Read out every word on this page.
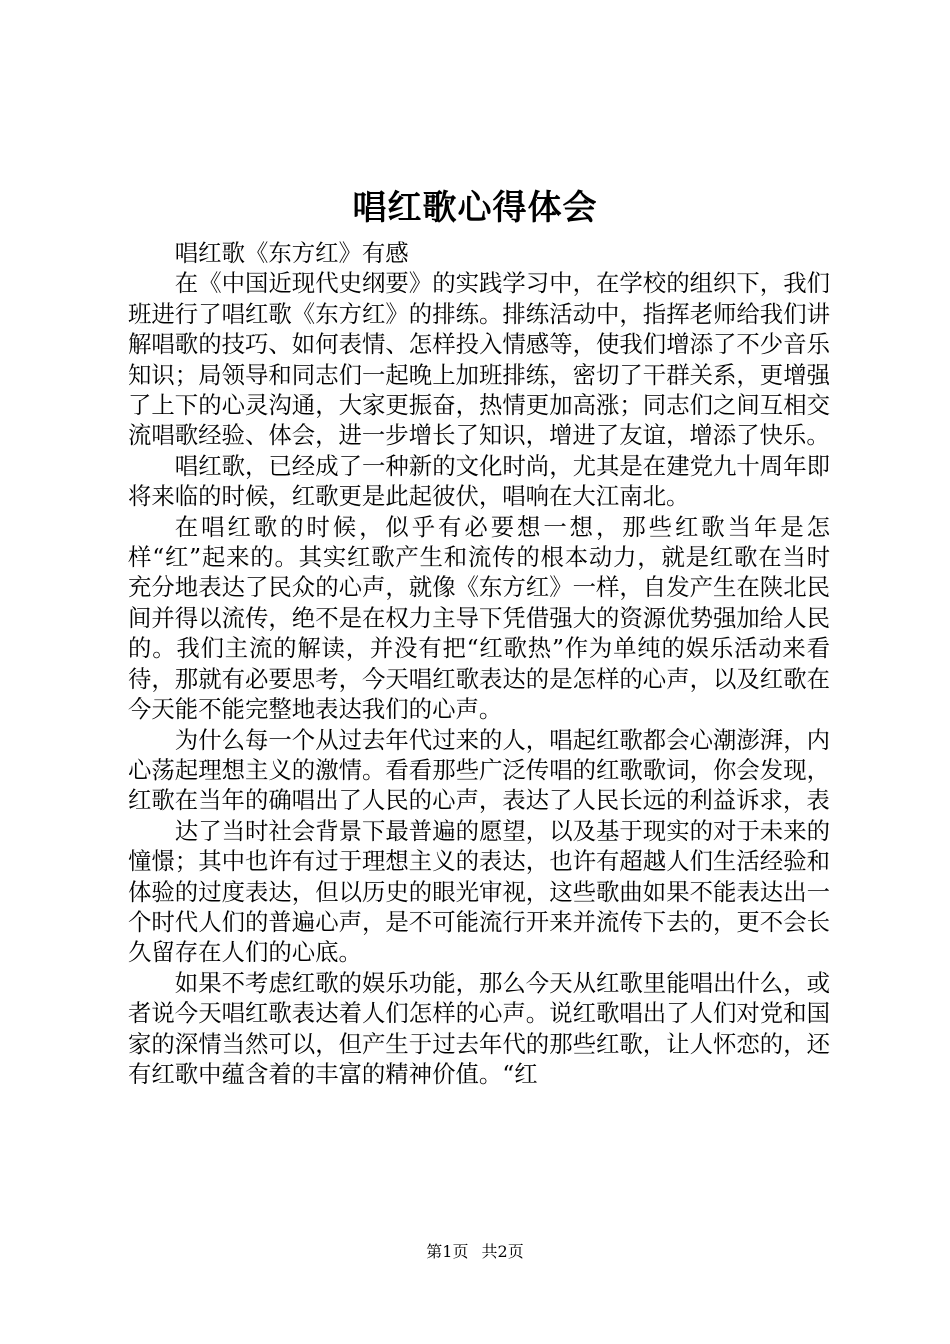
唱红歌心得体会

唱红歌《东方红》有感

在《中国近现代史纲要》的实践学习中，在学校的组织下，我们班进行了唱红歌《东方红》的排练。排练活动中，指挥老师给我们讲解唱歌的技巧、如何表情、怎样投入情感等，使我们增添了不少音乐知识；局领导和同志们一起晚上加班排练，密切了干群关系，更增强了上下的心灵沟通，大家更振奋，热情更加高涨；同志们之间互相交流唱歌经验、体会，进一步增长了知识，增进了友谊，增添了快乐。

唱红歌，已经成了一种新的文化时尚，尤其是在建党九十周年即将来临的时候，红歌更是此起彼伏，唱响在大江南北。

在唱红歌的时候，似乎有必要想一想，那些红歌当年是怎样“红”起来的。其实红歌产生和流传的根本动力，就是红歌在当时充分地表达了民众的心声，就像《东方红》一样，自发产生在陕北民间并得以流传，绝不是在权力主导下凭借强大的资源优势强加给人民的。我们主流的解读，并没有把“红歌热”作为单纯的娱乐活动来看待，那就有必要思考，今天唱红歌表达的是怎样的心声，以及红歌在今天能不能完整地表达我们的心声。

为什么每一个从过去年代过来的人，唱起红歌都会心潮澎湃，内心荡起理想主义的激情。看看那些广泛传唱的红歌歌词，你会发现，红歌在当年的确唱出了人民的心声，表达了人民长远的利益诉求，表

达了当时社会背景下最普遍的愿望，以及基于现实的对于未来的憧憬；其中也许有过于理想主义的表达，也许有超越人们生活经验和体验的过度表达，但以历史的眼光审视，这些歌曲如果不能表达出一个时代人们的普遍心声，是不可能流行开来并流传下去的，更不会长久留存在人们的心底。

如果不考虑红歌的娱乐功能，那么今天从红歌里能唱出什么，或者说今天唱红歌表达着人们怎样的心声。说红歌唱出了人们对党和国家的深情当然可以，但产生于过去年代的那些红歌，让人怀恋的，还有红歌中蕴含着的丰富的精神价值。“红

第1页 共2页
